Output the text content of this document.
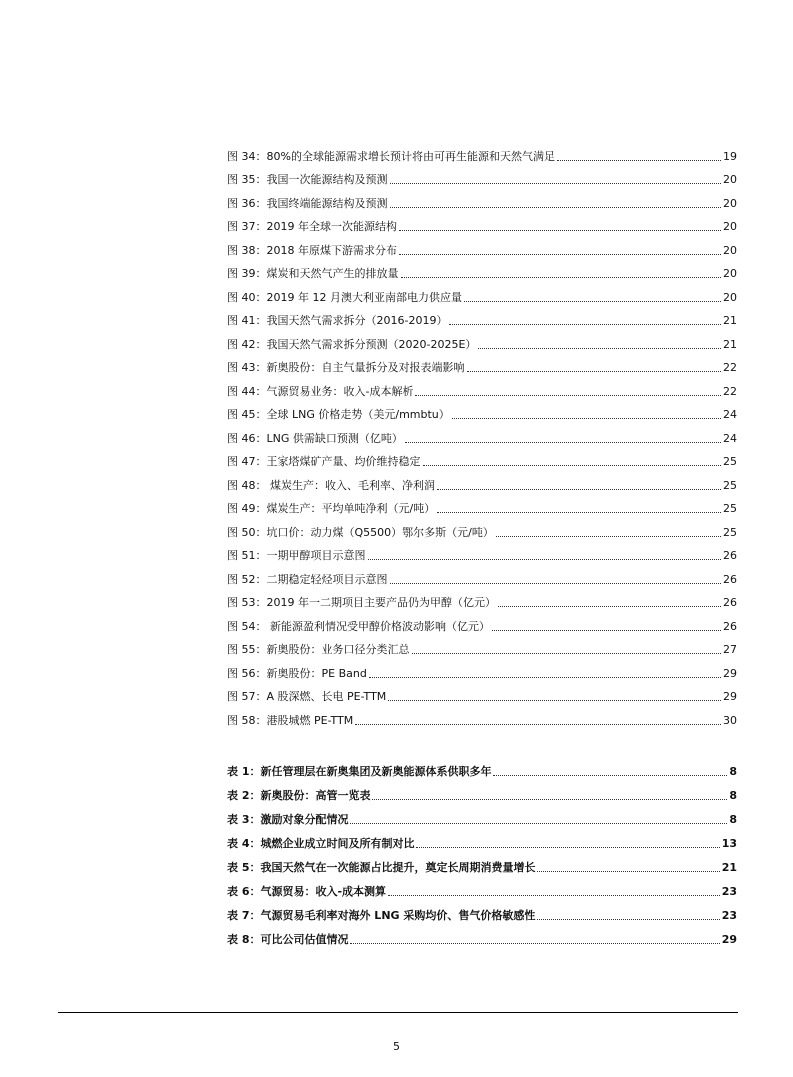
图 34：80%的全球能源需求增长预计将由可再生能源和天然气满足	19
图 35：我国一次能源结构及预测	20
图 36：我国终端能源结构及预测	20
图 37：2019 年全球一次能源结构	20
图 38：2018 年原煤下游需求分布	20
图 39：煤炭和天然气产生的排放量	20
图 40：2019 年 12 月澳大利亚南部电力供应量	20
图 41：我国天然气需求拆分（2016-2019）	21
图 42：我国天然气需求拆分预测（2020-2025E）	21
图 43：新奥股份：自主气量拆分及对报表端影响	22
图 44：气源贸易业务：收入-成本解析	22
图 45：全球 LNG 价格走势（美元/mmbtu）	24
图 46：LNG 供需缺口预测（亿吨）	24
图 47：王家塔煤矿产量、均价维持稳定	25
图 48： 煤炭生产：收入、毛利率、净利润	25
图 49：煤炭生产：平均单吨净利（元/吨）	25
图 50：坑口价：动力煤（Q5500）鄂尔多斯（元/吨）	25
图 51：一期甲醇项目示意图	26
图 52：二期稳定轻烃项目示意图	26
图 53：2019 年一二期项目主要产品仍为甲醇（亿元）	26
图 54： 新能源盈利情况受甲醇价格波动影响（亿元）	26
图 55：新奥股份：业务口径分类汇总	27
图 56：新奥股份：PE Band	29
图 57：A 股深燃、长电 PE-TTM	29
图 58：港股城燃 PE-TTM	30
表 1：新任管理层在新奥集团及新奥能源体系供职多年	8
表 2：新奥股份：高管一览表	8
表 3：激励对象分配情况	8
表 4：城燃企业成立时间及所有制对比	13
表 5：我国天然气在一次能源占比提升，奠定长周期消费量增长	21
表 6：气源贸易：收入-成本测算	23
表 7：气源贸易毛利率对海外 LNG 采购均价、售气价格敏感性	23
表 8：可比公司估值情况	29
5
